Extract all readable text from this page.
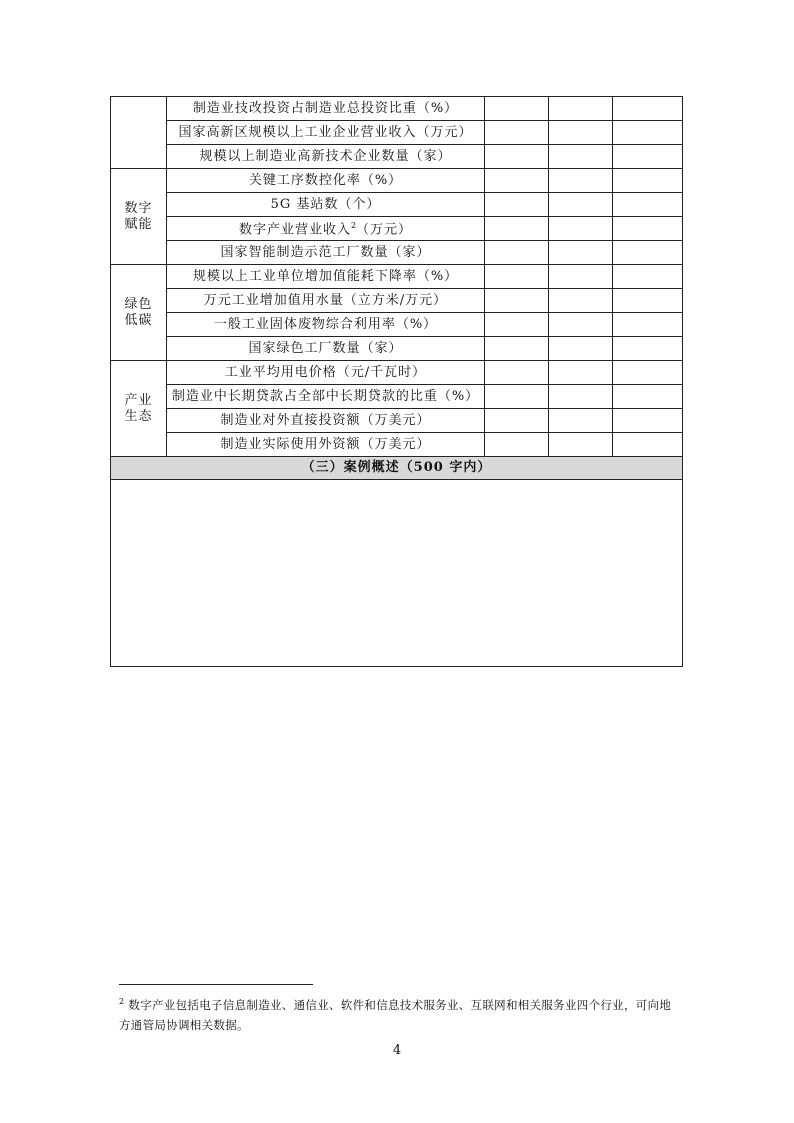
	制造业技改投资占制造业总投资比重（%）			
	国家高新区规模以上工业企业营业收入（万元）			
	规模以上制造业高新技术企业数量（家）			

数字
赋能	关键工序数控化率（%）			
	5G 基站数（个）			
	数字产业营业收入$^2$（万元）			
	国家智能制造示范工厂数量（家）			

绿色
低碳	规模以上工业单位增加值能耗下降率（%）			
	万元工业增加值用水量（立方米/万元）			
	一般工业固体废物综合利用率（%）			
	国家绿色工厂数量（家）			

产业
生态	工业平均用电价格（元/千瓦时）			
	制造业中长期贷款占全部中长期贷款的比重（%）			
	制造业对外直接投资额（万美元）			
	制造业实际使用外资额（万美元）			
（三）案例概述（500 字内）				

$^2$ 数字产业包括电子信息制造业、通信业、软件和信息技术服务业、互联网和相关服务业四个行业，可向地方通管局协调相关数据。
4
